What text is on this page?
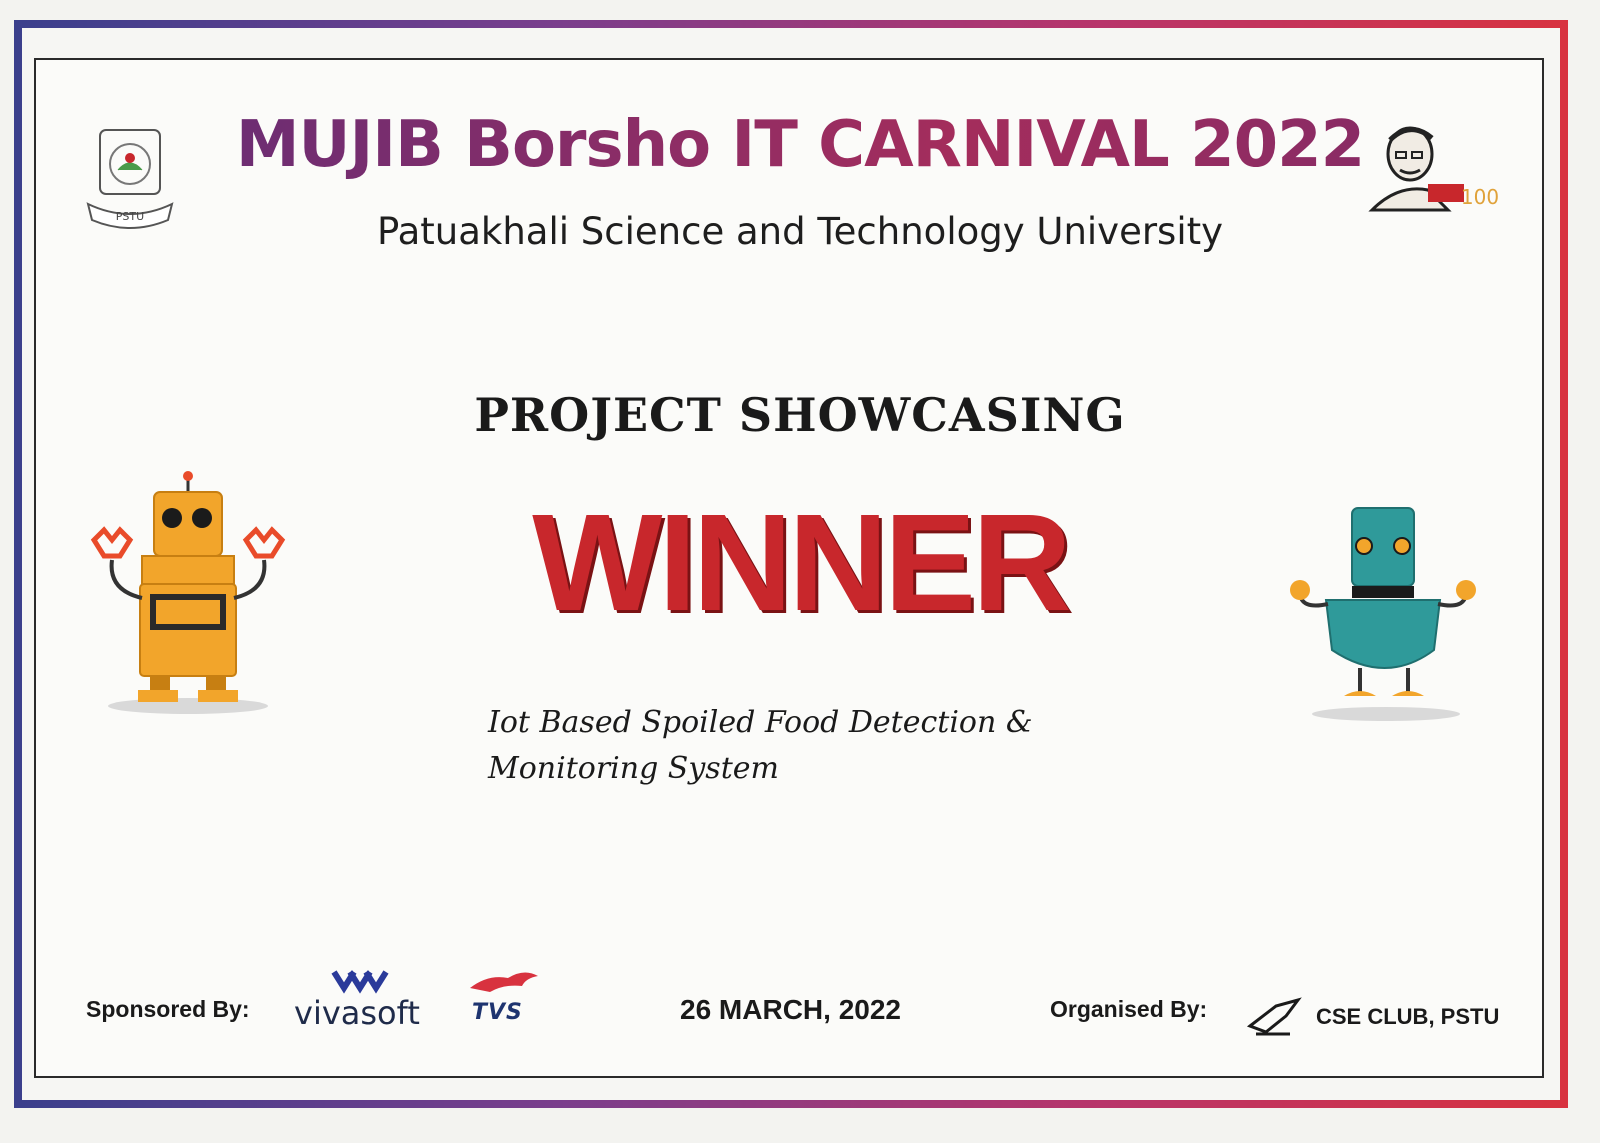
PSTU
100
MUJIB Borsho IT CARNIVAL 2022
Patuakhali Science and Technology University
PROJECT SHOWCASING
WINNER
Iot Based Spoiled Food Detection &
Monitoring System
Sponsored By: vivasoft TVS	26 MARCH, 2022	Organised By:	CSE CLUB, PSTU
